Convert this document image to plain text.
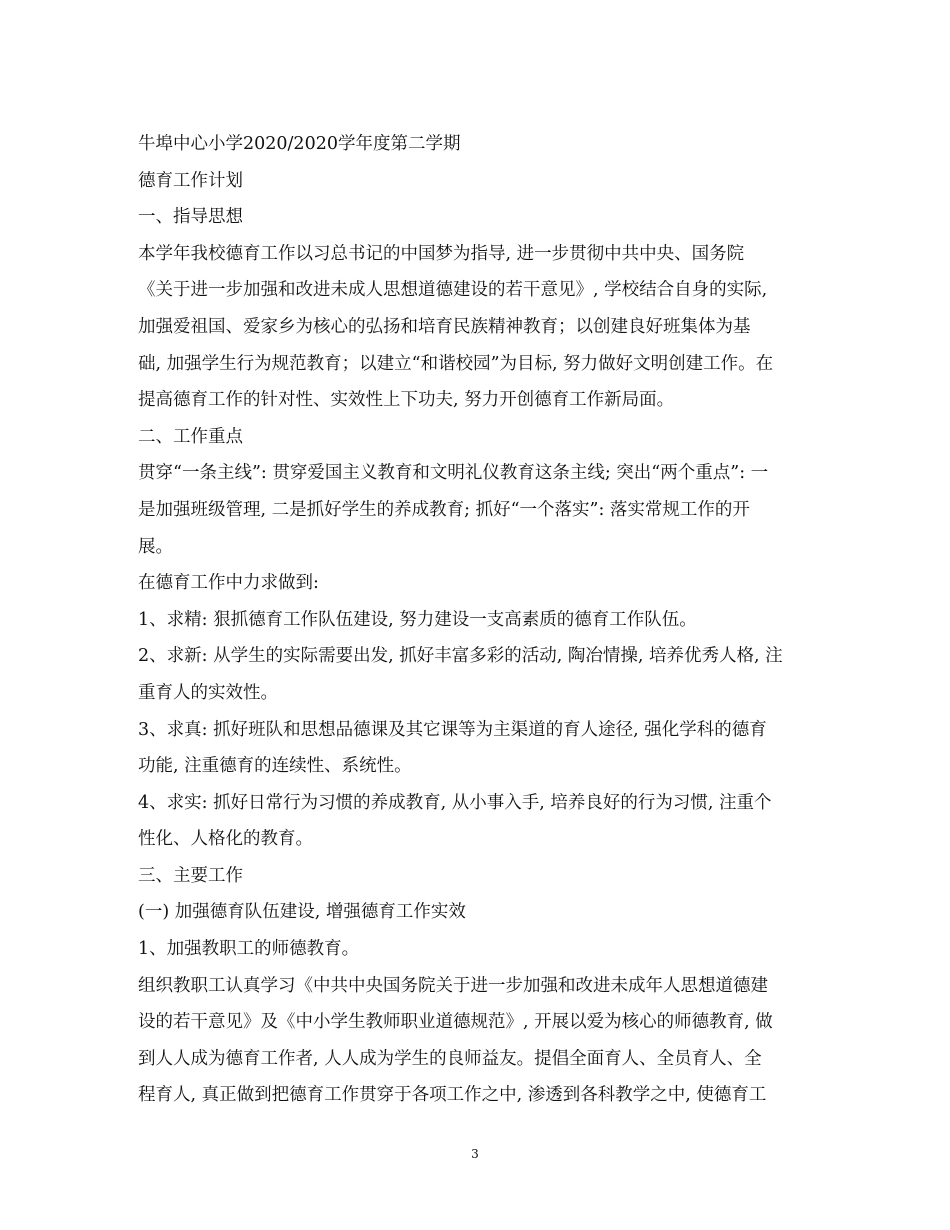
牛埠中心小学2020/2020学年度第二学期
德育工作计划
一、指导思想
本学年我校德育工作以习总书记的中国梦为指导, 进一步贯彻中共中央、国务院
《关于进一步加强和改进未成人思想道德建设的若干意见》, 学校结合自身的实际,
加强爱祖国、爱家乡为核心的弘扬和培育民族精神教育；以创建良好班集体为基
础, 加强学生行为规范教育；以建立“和谐校园”为目标, 努力做好文明创建工作。在
提高德育工作的针对性、实效性上下功夫, 努力开创德育工作新局面。
二、工作重点
贯穿“一条主线”: 贯穿爱国主义教育和文明礼仪教育这条主线; 突出“两个重点”: 一
是加强班级管理, 二是抓好学生的养成教育; 抓好“一个落实”: 落实常规工作的开
展。
在德育工作中力求做到:
1、求精: 狠抓德育工作队伍建设, 努力建设一支高素质的德育工作队伍。
2、求新: 从学生的实际需要出发, 抓好丰富多彩的活动, 陶冶情操, 培养优秀人格, 注
重育人的实效性。
3、求真: 抓好班队和思想品德课及其它课等为主渠道的育人途径, 强化学科的德育
功能, 注重德育的连续性、系统性。
4、求实: 抓好日常行为习惯的养成教育, 从小事入手, 培养良好的行为习惯, 注重个
性化、人格化的教育。
三、主要工作
(一) 加强德育队伍建设, 增强德育工作实效
1、加强教职工的师德教育。
组织教职工认真学习《中共中央国务院关于进一步加强和改进未成年人思想道德建
设的若干意见》及《中小学生教师职业道德规范》, 开展以爱为核心的师德教育, 做
到人人成为德育工作者, 人人成为学生的良师益友。提倡全面育人、全员育人、全
程育人, 真正做到把德育工作贯穿于各项工作之中, 渗透到各科教学之中, 使德育工
3
